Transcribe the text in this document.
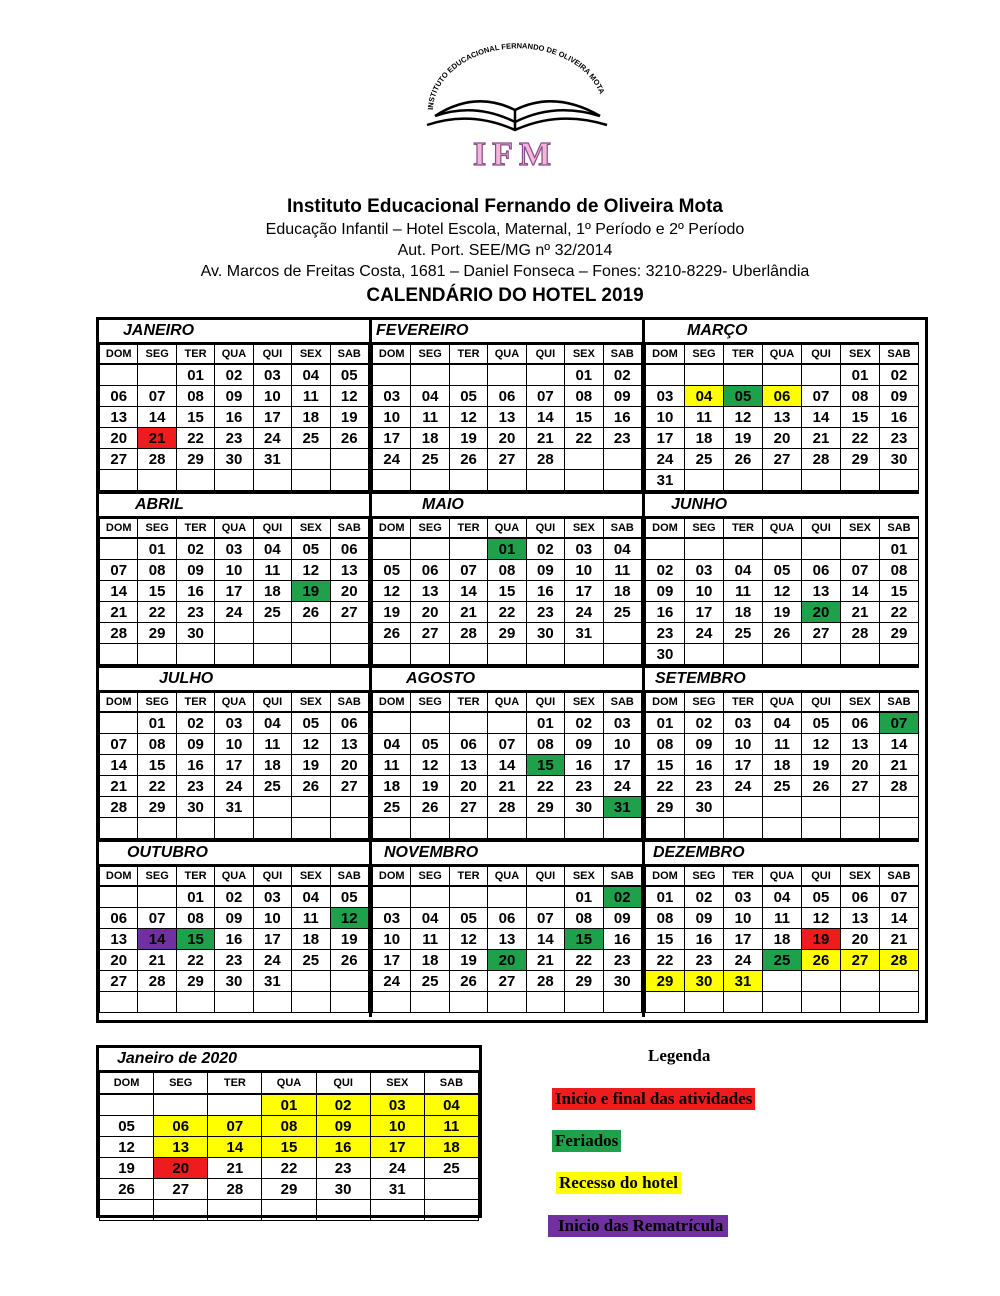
INSTITUTO EDUCACIONAL FERNANDO DE OLIVEIRA MOTA
IFM
Instituto Educacional Fernando de Oliveira Mota
Educação Infantil – Hotel Escola, Maternal, 1º Período e 2º Período
Aut. Port. SEE/MG nº 32/2014
Av. Marcos de Freitas Costa, 1681 – Daniel Fonseca – Fones: 3210-8229- Uberlândia
CALENDÁRIO DO HOTEL 2019
JANEIRO
DOM	SEG	TER	QUA	QUI	SEX	SAB
		01	02	03	04	05
06	07	08	09	10	11	12
13	14	15	16	17	18	19
20	21	22	23	24	25	26
27	28	29	30	31		

FEVEREIRO
DOM	SEG	TER	QUA	QUI	SEX	SAB
					01	02
03	04	05	06	07	08	09
10	11	12	13	14	15	16
17	18	19	20	21	22	23
24	25	26	27	28		

MARÇO
DOM	SEG	TER	QUA	QUI	SEX	SAB
					01	02
03	04	05	06	07	08	09
10	11	12	13	14	15	16
17	18	19	20	21	22	23
24	25	26	27	28	29	30
31						
ABRIL
DOM	SEG	TER	QUA	QUI	SEX	SAB
	01	02	03	04	05	06
07	08	09	10	11	12	13
14	15	16	17	18	19	20
21	22	23	24	25	26	27
28	29	30				

MAIO
DOM	SEG	TER	QUA	QUI	SEX	SAB
			01	02	03	04
05	06	07	08	09	10	11
12	13	14	15	16	17	18
19	20	21	22	23	24	25
26	27	28	29	30	31	

JUNHO
DOM	SEG	TER	QUA	QUI	SEX	SAB
						01
02	03	04	05	06	07	08
09	10	11	12	13	14	15
16	17	18	19	20	21	22
23	24	25	26	27	28	29
30						
JULHO
DOM	SEG	TER	QUA	QUI	SEX	SAB
	01	02	03	04	05	06
07	08	09	10	11	12	13
14	15	16	17	18	19	20
21	22	23	24	25	26	27
28	29	30	31			

AGOSTO
DOM	SEG	TER	QUA	QUI	SEX	SAB
				01	02	03
04	05	06	07	08	09	10
11	12	13	14	15	16	17
18	19	20	21	22	23	24
25	26	27	28	29	30	31

SETEMBRO
DOM	SEG	TER	QUA	QUI	SEX	SAB
01	02	03	04	05	06	07
08	09	10	11	12	13	14
15	16	17	18	19	20	21
22	23	24	25	26	27	28
29	30					

OUTUBRO
DOM	SEG	TER	QUA	QUI	SEX	SAB
		01	02	03	04	05
06	07	08	09	10	11	12
13	14	15	16	17	18	19
20	21	22	23	24	25	26
27	28	29	30	31		

NOVEMBRO
DOM	SEG	TER	QUA	QUI	SEX	SAB
					01	02
03	04	05	06	07	08	09
10	11	12	13	14	15	16
17	18	19	20	21	22	23
24	25	26	27	28	29	30

DEZEMBRO
DOM	SEG	TER	QUA	QUI	SEX	SAB
01	02	03	04	05	06	07
08	09	10	11	12	13	14
15	16	17	18	19	20	21
22	23	24	25	26	27	28
29	30	31				

Janeiro de 2020
DOM	SEG	TER	QUA	QUI	SEX	SAB
			01	02	03	04
05	06	07	08	09	10	11
12	13	14	15	16	17	18
19	20	21	22	23	24	25
26	27	28	29	30	31	

Legenda
Inicio e final das atividades
Feriados
Recesso do hotel
Inicio das Rematrícula
